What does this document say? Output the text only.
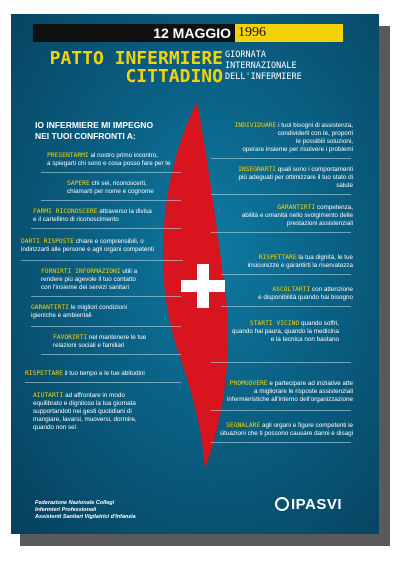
12 MAGGIO 1996
PATTO INFERMIERE
CITTADINO
GIORNATA
INTERNAZIONALE
DELL'INFERMIERE
IO INFERMIERE MI IMPEGNO
NEI TUOI CONFRONTI A:
PRESENTARMI al nostro primo incontro,
a spiegarti chi sono e cosa posso fare per te
SAPERE chi sei, riconoscerti,
chiamarti per nome e cognome
FARMI RICONOSCERE attraverso la divisa
e il cartellino di riconoscimento
DARTI RISPOSTE chiare e comprensibili, o
indirizzarti alle persone e agli organi competenti
FORNIRTI INFORMAZIONI utili a
rendere più agevole il tuo contatto
con l'insieme dei servizi sanitari
GARANTIRTI le migliori condizioni
igieniche e ambientali
FAVORIRTI nel mantenere le tue
relazioni sociali e familiari
RISPETTARE il tuo tempo e le tue abitudini
AIUTARTI ad affrontare in modo
equilibrato e dignitoso la tua giornata
supportandoti nei gesti quotidiani di
mangiare, lavarsi, muoversi, dormire,
quando non sei
INDIVIDUARE i tuoi bisogni di assistenza,
condividerli con te, proporti
le possibili soluzioni,
operare insieme per risolvere i problemi
INSEGNARTI quali sono i comportamenti
più adeguati per ottimizzare il tuo stato di
salute
GARANTIRTI competenza,
abilità e umanità nello svolgimento delle
prestazioni assistenziali
RISPETTARE la tua dignità, le tue
insicurezze e garantirti la riservatezza
ASCOLTARTI con attenzione
e disponibilità quando hai bisogno
STARTI VICINO quando soffri,
quando hai paura, quando la medicina
e la tecnica non bastano
PROMUOVERE e partecipare ad iniziative atte
a migliorare le risposte assistenziali
infermieristiche all'interno dell'organizzazione
SEGNALARE agli organi e figure competenti le
situazioni che ti possono causare danni e disagi
Federazione Nazionale Collegi
Infermieri Professionali
Assistenti Sanitari Vigilatrici d'Infanzia
IPASVI
